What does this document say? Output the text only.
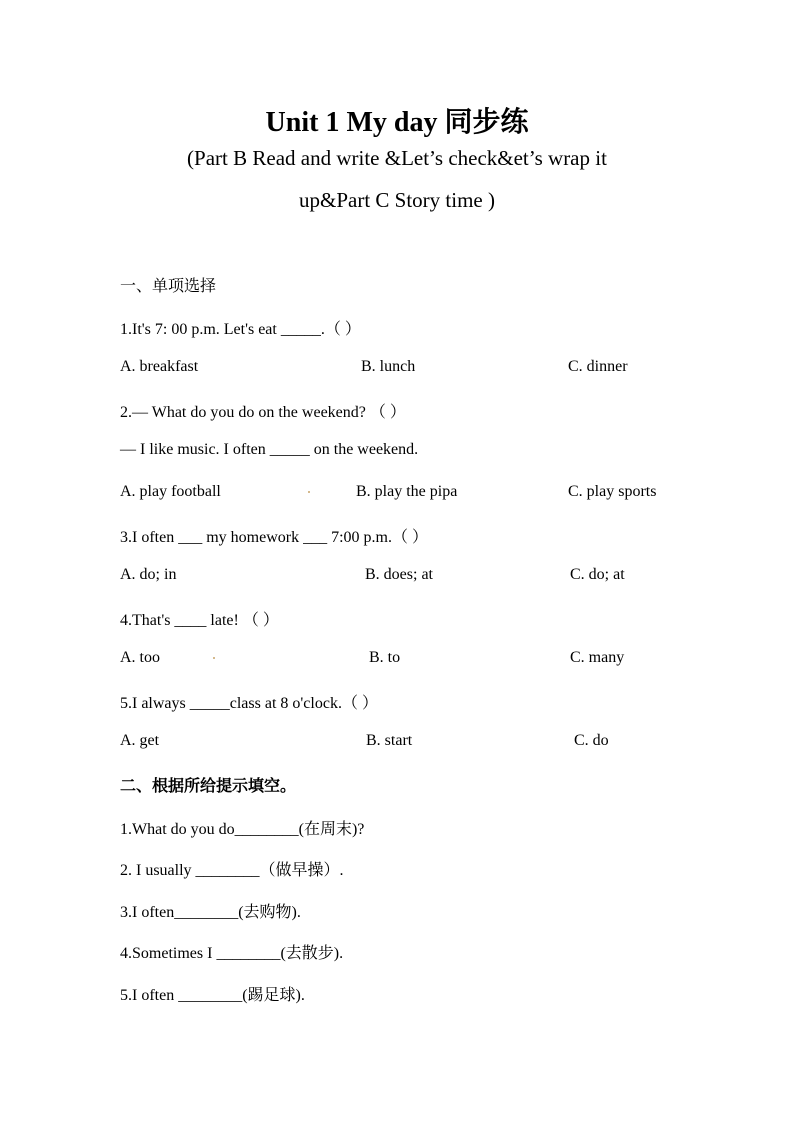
Unit 1 My day 同步练
(Part B Read and write &Let’s check&et’s wrap it
up&Part C Story time )
一、单项选择
1.It's 7: 00 p.m. Let's eat _____.（ ）
A. breakfast	B. lunch	C. dinner
2.— What do you do on the weekend? （ ）
— I like music. I often _____ on the weekend.
A. play football	B. play the pipa	C. play sports
3.I often ___ my homework ___ 7:00 p.m.（ ）
A. do; in	B. does; at	C. do; at
4.That's ____ late! （ ）
A. too	B. to	C. many
5.I always _____class at 8 o'clock.（ ）
A. get	B. start	C. do
二、根据所给提示填空。
1.What do you do________(在周末)?
2. I usually ________（做早操）.
3.I often________(去购物).
4.Sometimes I ________(去散步).
5.I often ________(踢足球).
